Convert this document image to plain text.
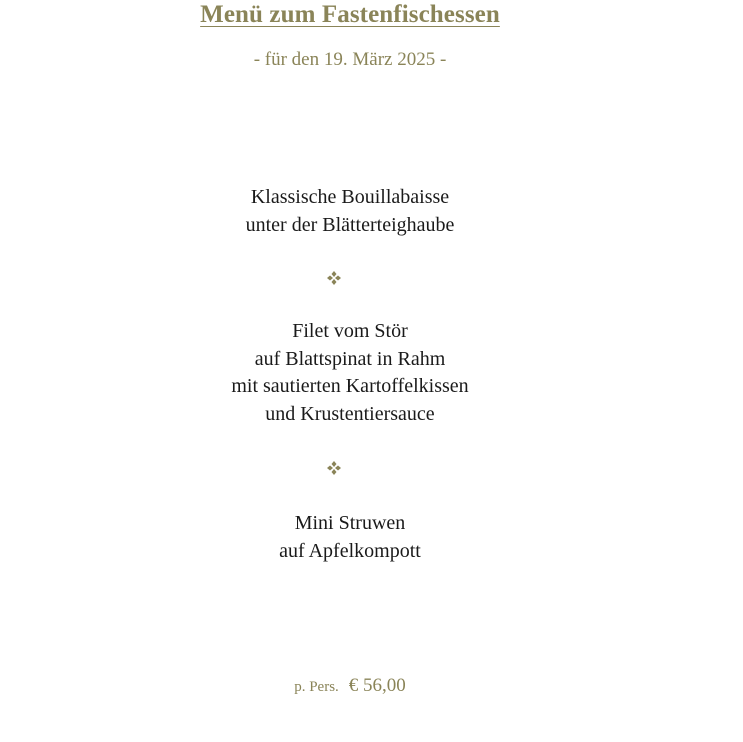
Menü zum Fastenfischessen
- für den 19. März 2025 -
Klassische Bouillabaisse
unter der Blätterteighaube
Filet vom Stör
auf Blattspinat in Rahm
mit sautierten Kartoffelkissen
und Krustentiersauce
Mini Struwen
auf Apfelkompott
p. Pers. € 56,00
